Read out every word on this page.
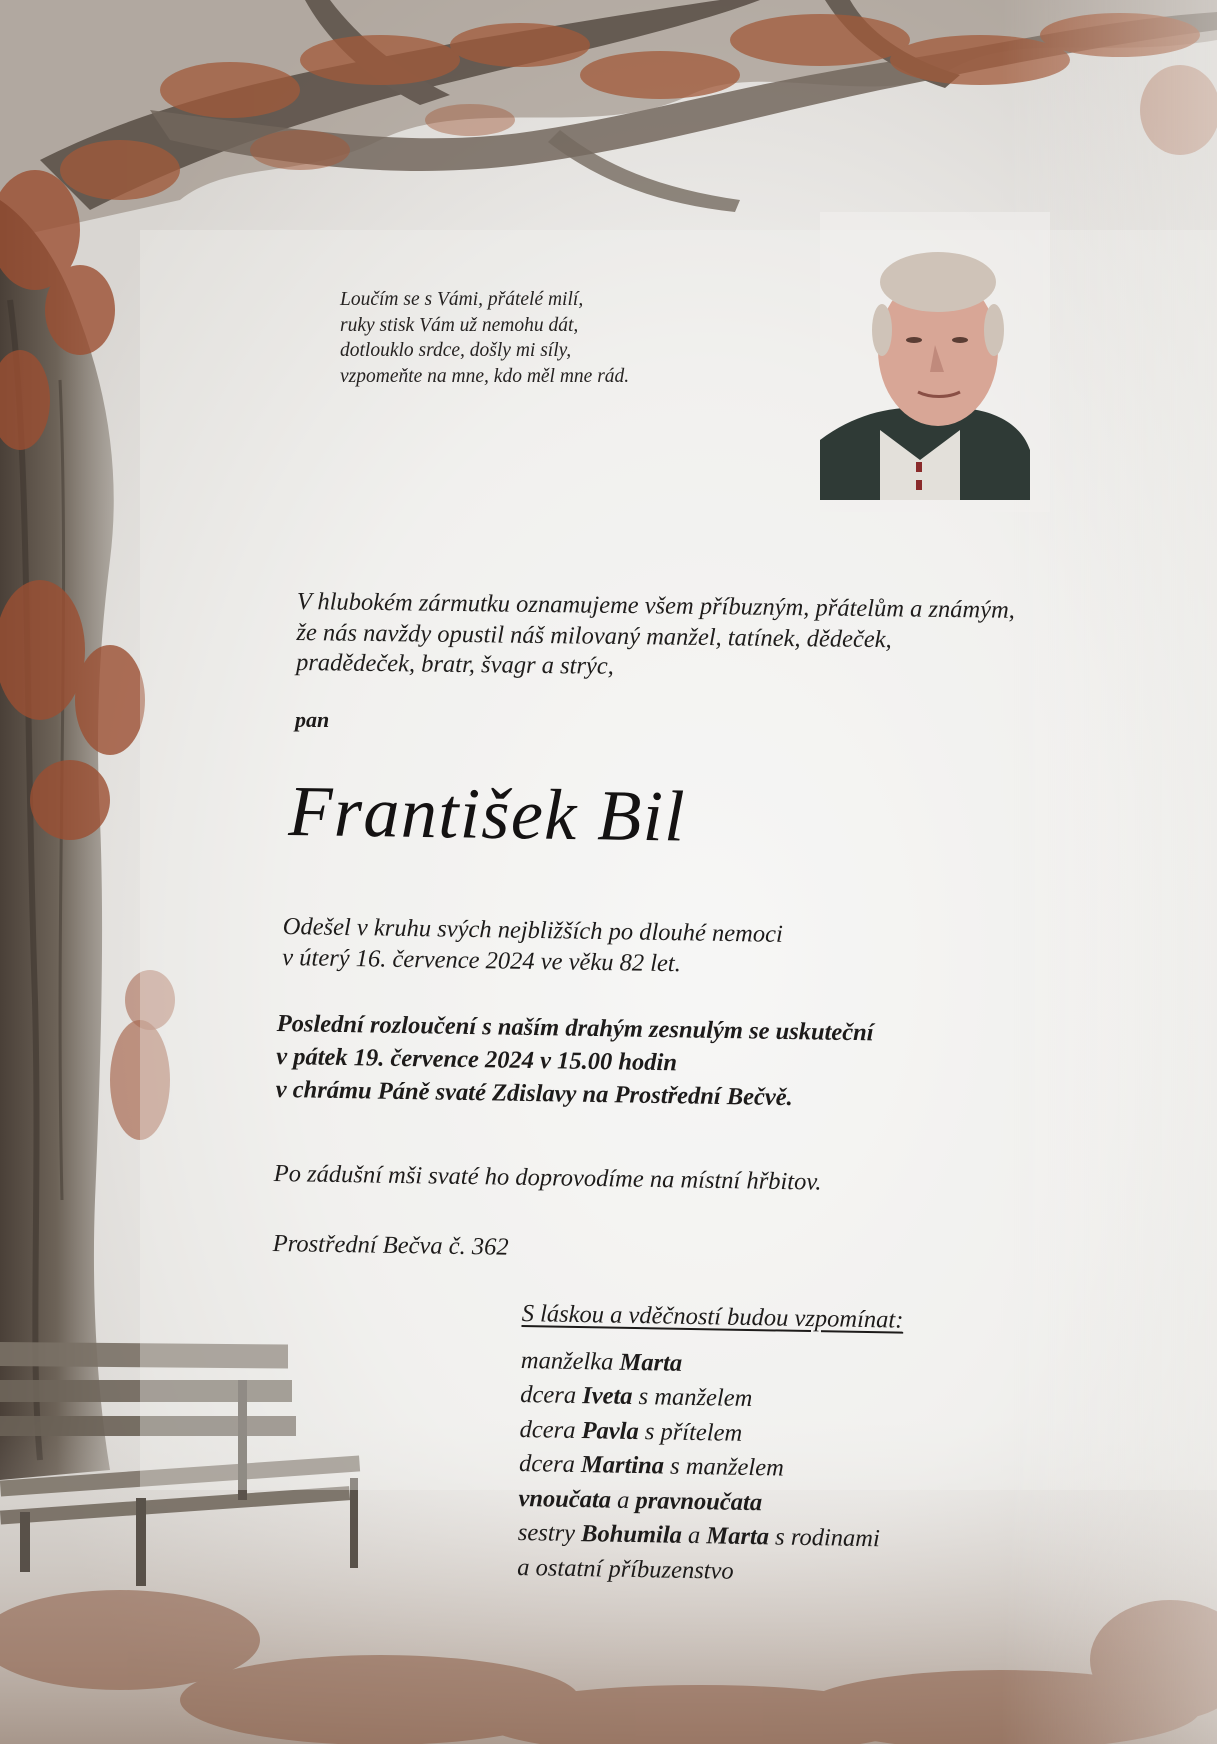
Loučím se s Vámi, přátelé milí,
ruky stisk Vám už nemohu dát,
dotlouklo srdce, došly mi síly,
vzpomeňte na mne, kdo měl mne rád.
V hlubokém zármutku oznamujeme všem příbuzným, přátelům a známým,
že nás navždy opustil náš milovaný manžel, tatínek, dědeček,
pradědeček, bratr, švagr a strýc,
pan
František Bil
Odešel v kruhu svých nejbližších po dlouhé nemoci
v úterý 16. července 2024 ve věku 82 let.
Poslední rozloučení s naším drahým zesnulým se uskuteční
v pátek 19. července 2024 v 15.00 hodin
v chrámu Páně svaté Zdislavy na Prostřední Bečvě.
Po zádušní mši svaté ho doprovodíme na místní hřbitov.
Prostřední Bečva č. 362
S láskou a vděčností budou vzpomínat:
manželka Marta
dcera Iveta s manželem
dcera Pavla s přítelem
dcera Martina s manželem
vnoučata a pravnoučata
sestry Bohumila a Marta s rodinami
a ostatní příbuzenstvo
